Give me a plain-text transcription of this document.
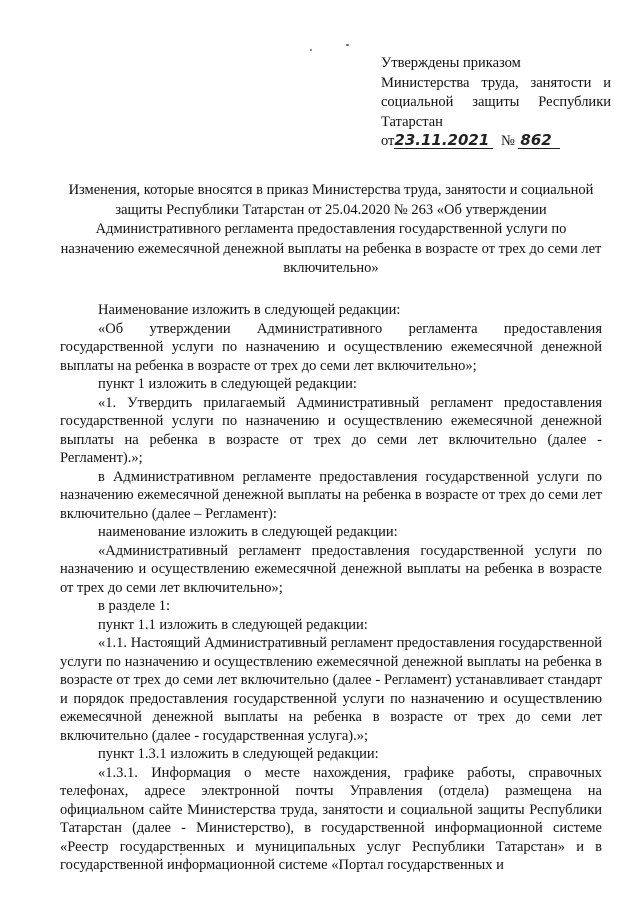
Утверждены приказом
Министерства труда, занятости и
социальной защиты Республики
Татарстан
от23.11.2021 № 862
Изменения, которые вносятся в приказ Министерства труда, занятости и социальной защиты Республики Татарстан от 25.04.2020 № 263 «Об утверждении Административного регламента предоставления государственной услуги по назначению ежемесячной денежной выплаты на ребенка в возрасте от трех до семи лет включительно»

Наименование изложить в следующей редакции:

«Об утверждении Административного регламента предоставления государственной услуги по назначению и осуществлению ежемесячной денежной выплаты на ребенка в возрасте от трех до семи лет включительно»;

пункт 1 изложить в следующей редакции:

«1. Утвердить прилагаемый Административный регламент предоставления государственной услуги по назначению и осуществлению ежемесячной денежной выплаты на ребенка в возрасте от трех до семи лет включительно (далее - Регламент).»;

в Административном регламенте предоставления государственной услуги по назначению ежемесячной денежной выплаты на ребенка в возрасте от трех до семи лет включительно (далее – Регламент):

наименование изложить в следующей редакции:

«Административный регламент предоставления государственной услуги по назначению и осуществлению ежемесячной денежной выплаты на ребенка в возрасте от трех до семи лет включительно»;

в разделе 1:

пункт 1.1 изложить в следующей редакции:

«1.1. Настоящий Административный регламент предоставления государственной услуги по назначению и осуществлению ежемесячной денежной выплаты на ребенка в возрасте от трех до семи лет включительно (далее - Регламент) устанавливает стандарт и порядок предоставления государственной услуги по назначению и осуществлению ежемесячной денежной выплаты на ребенка в возрасте от трех до семи лет включительно (далее - государственная услуга).»;

пункт 1.3.1 изложить в следующей редакции:

«1.3.1. Информация о месте нахождения, графике работы, справочных телефонах, адресе электронной почты Управления (отдела) размещена на официальном сайте Министерства труда, занятости и социальной защиты Республики Татарстан (далее - Министерство), в государственной информационной системе «Реестр государственных и муниципальных услуг Республики Татарстан» и в государственной информационной системе «Портал государственных и
